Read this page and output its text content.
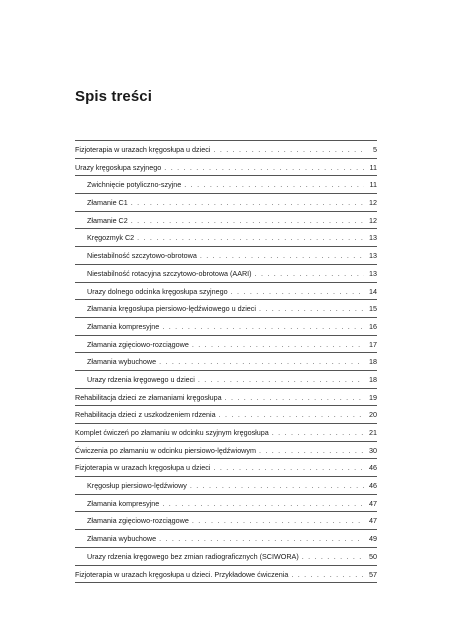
Spis treści
Fizjoterapia w urazach kręgosłupa u dzieci . . .	5
Urazy kręgosłupa szyjnego . . .	11
Zwichnięcie potyliczno-szyjne . . .	11
Złamanie C1 . . .	12
Złamanie C2 . . .	12
Kręgozmyk C2 . . .	13
Niestabilność szczytowo-obrotowa . . .	13
Niestabilność rotacyjna szczytowo-obrotowa (AARI) . . .	13
Urazy dolnego odcinka kręgosłupa szyjnego . . .	14
Złamania kręgosłupa piersiowo-lędźwiowego u dzieci . . .	15
Złamania kompresyjne . . .	16
Złamania zgięciowo-rozciągowe . . .	17
Złamania wybuchowe . . .	18
Urazy rdzenia kręgowego u dzieci . . .	18
Rehabilitacja dzieci ze złamaniami kręgosłupa . . .	19
Rehabilitacja dzieci z uszkodzeniem rdzenia . . .	20
Komplet ćwiczeń po złamaniu w odcinku szyjnym kręgosłupa . . .	21
Ćwiczenia po złamaniu w odcinku piersiowo-lędźwiowym . . .	30
Fizjoterapia w urazach kręgosłupa u dzieci . . .	46
Kręgosłup piersiowo-lędźwiowy . . .	46
Złamania kompresyjne . . .	47
Złamania zgięciowo-rozciągowe . . .	47
Złamania wybuchowe . . .	49
Urazy rdzenia kręgowego bez zmian radiograficznych (SCIWORA) . . .	50
Fizjoterapia w urazach kręgosłupa u dzieci. Przykładowe ćwiczenia . . .	57
